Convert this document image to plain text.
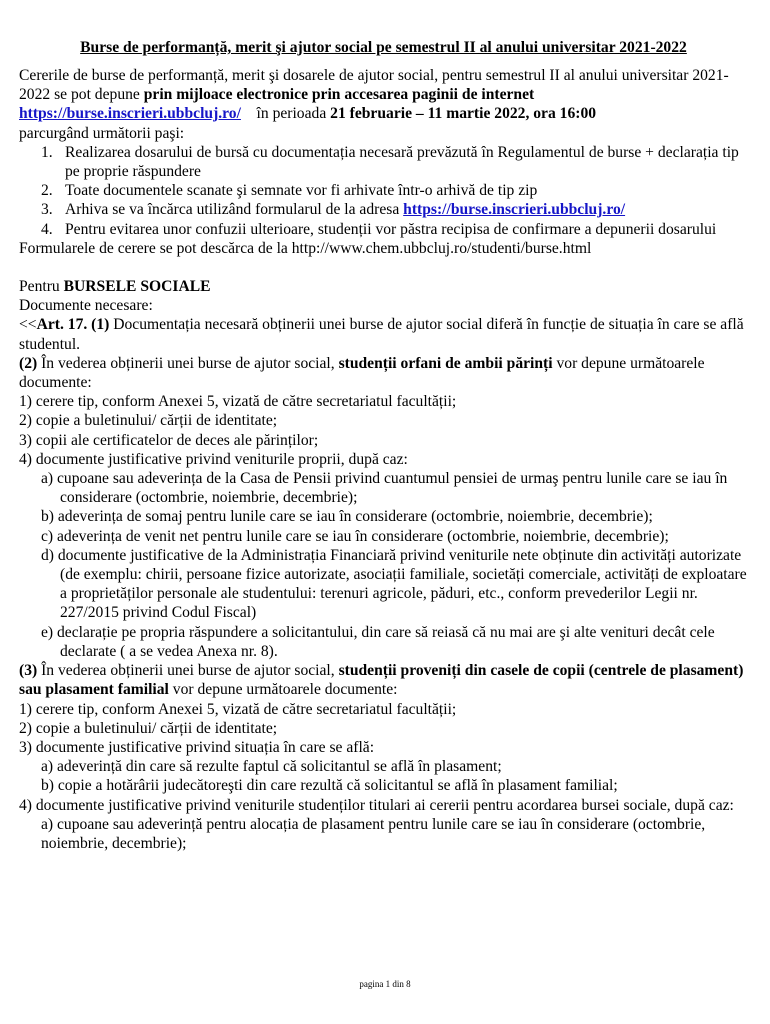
Burse de performanță, merit şi ajutor social pe semestrul II al anului universitar 2021-2022

Cererile de burse de performanță, merit şi dosarele de ajutor social, pentru semestrul II al anului universitar 2021-2022 se pot depune prin mijloace electronice prin accesarea paginii de internet https://burse.inscrieri.ubbcluj.ro/    în perioada 21 februarie – 11 martie 2022, ora 16:00
parcurgând următorii paşi:

1. Realizarea dosarului de bursă cu documentația necesară prevăzută în Regulamentul de burse + declarația tip pe proprie răspundere
2. Toate documentele scanate şi semnate vor fi arhivate într-o arhivă de tip zip
3. Arhiva se va încărca utilizând formularul de la adresa https://burse.inscrieri.ubbcluj.ro/
4. Pentru evitarea unor confuzii ulterioare, studenții vor păstra recipisa de confirmare a depunerii dosarului

Formularele de cerere se pot descărca de la http://www.chem.ubbcluj.ro/studenti/burse.html

Pentru BURSELE SOCIALE

Documente necesare:

<<Art. 17. (1) Documentația necesară obținerii unei burse de ajutor social diferă în funcție de situația în care se află studentul.

(2) În vederea obținerii unei burse de ajutor social, studenții orfani de ambii părinți vor depune următoarele documente:

1) cerere tip, conform Anexei 5, vizată de către secretariatul facultății;

2) copie a buletinului/ cărții de identitate;

3) copii ale certificatelor de deces ale părinților;

4) documente justificative privind veniturile proprii, după caz:

a) cupoane sau adeverința de la Casa de Pensii privind cuantumul pensiei de urmaş pentru lunile care se iau în considerare (octombrie, noiembrie, decembrie);

b) adeverința de somaj pentru lunile care se iau în considerare (octombrie, noiembrie, decembrie);

c) adeverința de venit net pentru lunile care se iau în considerare (octombrie, noiembrie, decembrie);

d) documente justificative de la Administrația Financiară privind veniturile nete obținute din activități autorizate (de exemplu: chirii, persoane fizice autorizate, asociații familiale, societăți comerciale, activități de exploatare a proprietăților personale ale studentului: terenuri agricole, păduri, etc., conform prevederilor Legii nr. 227/2015 privind Codul Fiscal)

e) declarație pe propria răspundere a solicitantului, din care să reiasă că nu mai are şi alte venituri decât cele declarate ( a se vedea Anexa nr. 8).

(3) În vederea obținerii unei burse de ajutor social, studenții proveniți din casele de copii (centrele de plasament) sau plasament familial vor depune următoarele documente:

1) cerere tip, conform Anexei 5, vizată de către secretariatul facultății;

2) copie a buletinului/ cărții de identitate;

3) documente justificative privind situația în care se află:

a) adeverință din care să rezulte faptul că solicitantul se află în plasament;

b) copie a hotărârii judecătoreşti din care rezultă că solicitantul se află în plasament familial;

4) documente justificative privind veniturile studenților titulari ai cererii pentru acordarea bursei sociale, după caz:

a) cupoane sau adeverință pentru alocația de plasament pentru lunile care se iau în considerare (octombrie, noiembrie, decembrie);

pagina 1 din 8
